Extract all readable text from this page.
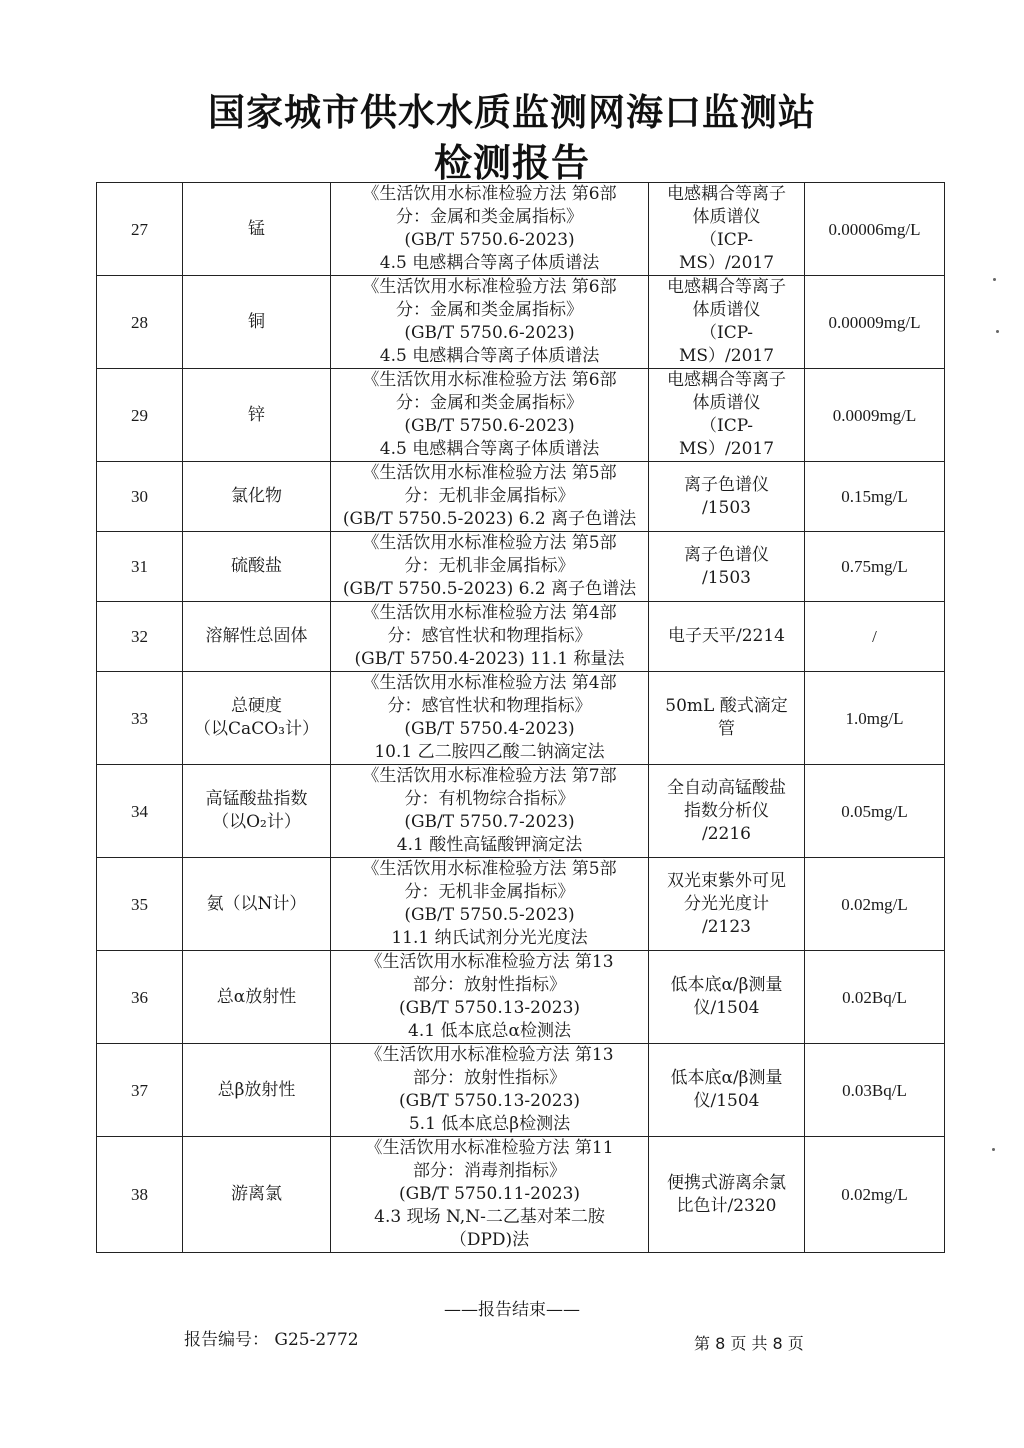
国家城市供水水质监测网海口监测站
检测报告
27	锰	《生活饮用水标准检验方法 第6部
分：金属和类金属指标》
(GB/T 5750.6-2023)
4.5 电感耦合等离子体质谱法	电感耦合等离子
体质谱仪
（ICP-MS）/2017	0.00006mg/L
28	铜	《生活饮用水标准检验方法 第6部
分：金属和类金属指标》
(GB/T 5750.6-2023)
4.5 电感耦合等离子体质谱法	电感耦合等离子
体质谱仪
（ICP-MS）/2017	0.00009mg/L
29	锌	《生活饮用水标准检验方法 第6部
分：金属和类金属指标》
(GB/T 5750.6-2023)
4.5 电感耦合等离子体质谱法	电感耦合等离子
体质谱仪
（ICP-MS）/2017	0.0009mg/L
30	氯化物	《生活饮用水标准检验方法 第5部
分：无机非金属指标》
(GB/T 5750.5-2023) 6.2 离子色谱法	离子色谱仪
/1503	0.15mg/L
31	硫酸盐	《生活饮用水标准检验方法 第5部
分：无机非金属指标》
(GB/T 5750.5-2023) 6.2 离子色谱法	离子色谱仪
/1503	0.75mg/L
32	溶解性总固体	《生活饮用水标准检验方法 第4部
分：感官性状和物理指标》
(GB/T 5750.4-2023) 11.1 称量法	电子天平/2214	/
33	总硬度
（以CaCO₃计）	《生活饮用水标准检验方法 第4部
分：感官性状和物理指标》
(GB/T 5750.4-2023)
10.1 乙二胺四乙酸二钠滴定法	50mL 酸式滴定
管	1.0mg/L
34	高锰酸盐指数
（以O₂计）	《生活饮用水标准检验方法 第7部
分：有机物综合指标》
(GB/T 5750.7-2023)
4.1 酸性高锰酸钾滴定法	全自动高锰酸盐
指数分析仪
/2216	0.05mg/L
35	氨（以N计）	《生活饮用水标准检验方法 第5部
分：无机非金属指标》
(GB/T 5750.5-2023)
11.1 纳氏试剂分光光度法	双光束紫外可见
分光光度计
/2123	0.02mg/L
36	总α放射性	《生活饮用水标准检验方法 第13
部分：放射性指标》
(GB/T 5750.13-2023)
4.1 低本底总α检测法	低本底α/β测量
仪/1504	0.02Bq/L
37	总β放射性	《生活饮用水标准检验方法 第13
部分：放射性指标》
(GB/T 5750.13-2023)
5.1 低本底总β检测法	低本底α/β测量
仪/1504	0.03Bq/L
38	游离氯	《生活饮用水标准检验方法 第11
部分：消毒剂指标》
(GB/T 5750.11-2023)
4.3 现场 N,N-二乙基对苯二胺
（DPD)法	便携式游离余氯
比色计/2320	0.02mg/L
——报告结束——
报告编号： G25-2772	第 8 页 共 8 页
